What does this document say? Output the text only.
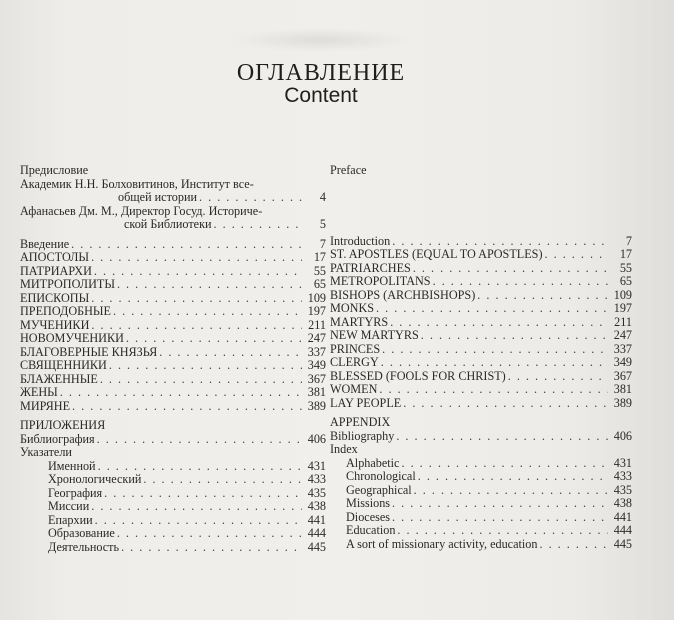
ОГЛАВЛЕНИЕ
Content
Предисловие
Академик Н.Н. Болховитинов, Институт все-
общей истории . . .	4
Афанасьев Дм. М., Директор Госуд. Историче-
ской Библиотеки . . .	5
Введение . . .	7
АПОСТОЛЫ . . .	17
ПАТРИАРХИ . . .	55
МИТРОПОЛИТЫ . . .	65
ЕПИСКОПЫ . . .	109
ПРЕПОДОБНЫЕ . . .	197
МУЧЕНИКИ . . .	211
НОВОМУЧЕНИКИ . . .	247
БЛАГОВЕРНЫЕ КНЯЗЬЯ . . .	337
СВЯЩЕННИКИ . . .	349
БЛАЖЕННЫЕ . . .	367
ЖЕНЫ . . .	381
МИРЯНЕ . . .	389
ПРИЛОЖЕНИЯ
Библиография . . .	406
Указатели
Именной . . .	431
Хронологический . . .	433
География . . .	435
Миссии . . .	438
Епархии . . .	441
Образование . . .	444
Деятельность . . .	445
Preface
Introduction . . .	7
ST. APOSTLES (EQUAL TO APOSTLES) . . .	17
PATRIARCHES . . .	55
METROPOLITANS . . .	65
BISHOPS (ARCHBISHOPS) . . .	109
MONKS . . .	197
MARTYRS . . .	211
NEW MARTYRS . . .	247
PRINCES . . .	337
CLERGY . . .	349
BLESSED (FOOLS FOR CHRIST) . . .	367
WOMEN . . .	381
LAY PEOPLE . . .	389
APPENDIX
Bibliography . . .	406
Index
Alphabetic . . .	431
Chronological . . .	433
Geographical . . .	435
Missions . . .	438
Dioceses . . .	441
Education . . .	444
A sort of missionary activity, education . . .	445
